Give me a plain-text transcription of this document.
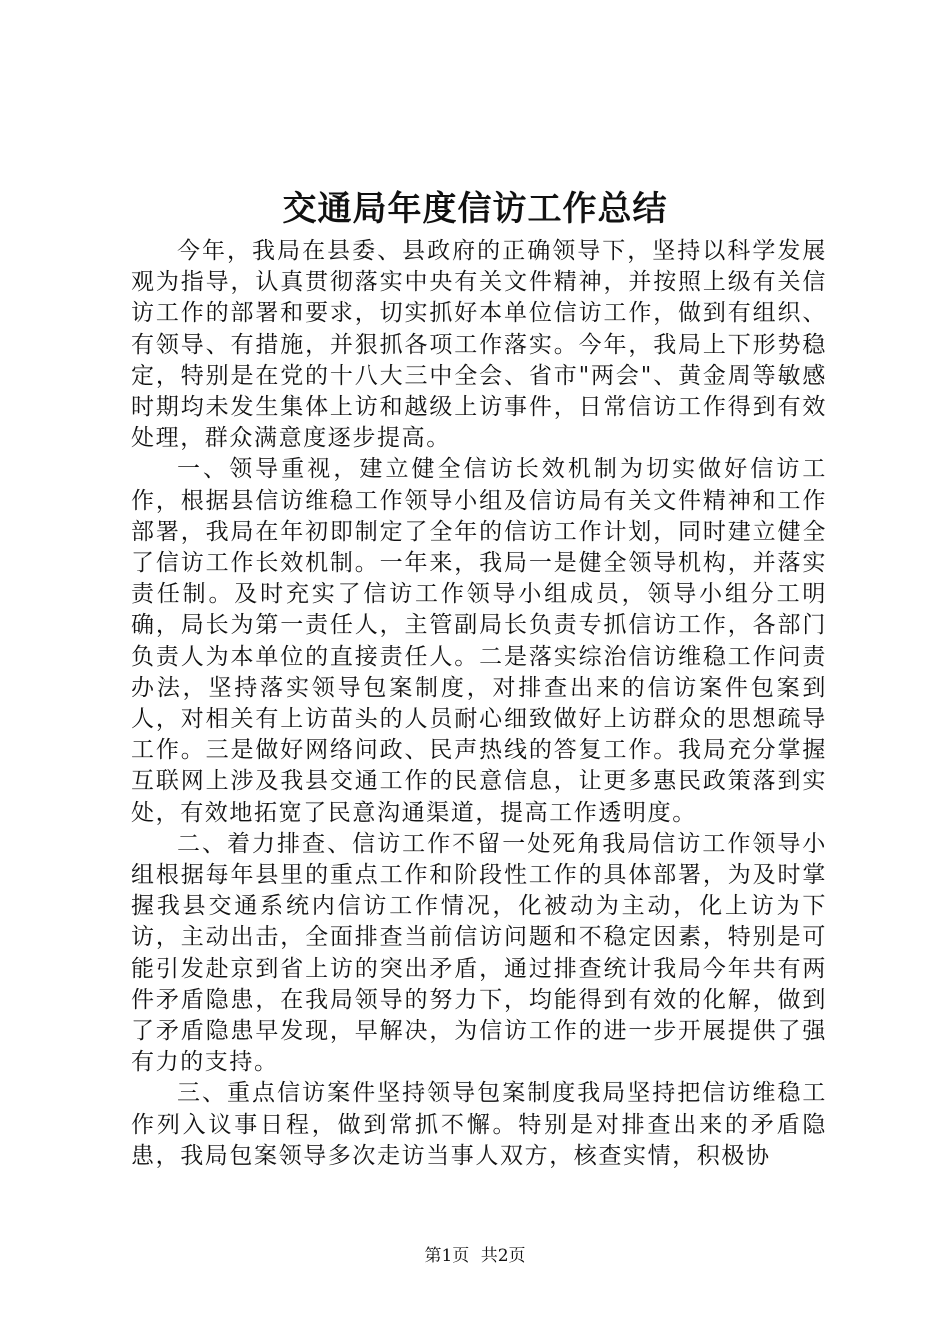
交通局年度信访工作总结

今年，我局在县委、县政府的正确领导下，坚持以科学发展观为指导，认真贯彻落实中央有关文件精神，并按照上级有关信访工作的部署和要求，切实抓好本单位信访工作，做到有组织、有领导、有措施，并狠抓各项工作落实。今年，我局上下形势稳定，特别是在党的十八大三中全会、省市"两会"、黄金周等敏感时期均未发生集体上访和越级上访事件，日常信访工作得到有效处理，群众满意度逐步提高。

一、领导重视，建立健全信访长效机制为切实做好信访工作，根据县信访维稳工作领导小组及信访局有关文件精神和工作部署，我局在年初即制定了全年的信访工作计划，同时建立健全了信访工作长效机制。一年来，我局一是健全领导机构，并落实责任制。及时充实了信访工作领导小组成员，领导小组分工明确，局长为第一责任人，主管副局长负责专抓信访工作，各部门负责人为本单位的直接责任人。二是落实综治信访维稳工作问责办法，坚持落实领导包案制度，对排查出来的信访案件包案到人，对相关有上访苗头的人员耐心细致做好上访群众的思想疏导工作。三是做好网络问政、民声热线的答复工作。我局充分掌握互联网上涉及我县交通工作的民意信息，让更多惠民政策落到实处，有效地拓宽了民意沟通渠道，提高工作透明度。

二、着力排查、信访工作不留一处死角我局信访工作领导小组根据每年县里的重点工作和阶段性工作的具体部署，为及时掌握我县交通系统内信访工作情况，化被动为主动，化上访为下访，主动出击，全面排查当前信访问题和不稳定因素，特别是可能引发赴京到省上访的突出矛盾，通过排查统计我局今年共有两件矛盾隐患，在我局领导的努力下，均能得到有效的化解，做到了矛盾隐患早发现，早解决，为信访工作的进一步开展提供了强有力的支持。

三、重点信访案件坚持领导包案制度我局坚持把信访维稳工作列入议事日程，做到常抓不懈。特别是对排查出来的矛盾隐患，我局包案领导多次走访当事人双方，核查实情，积极协

第1页 共2页
